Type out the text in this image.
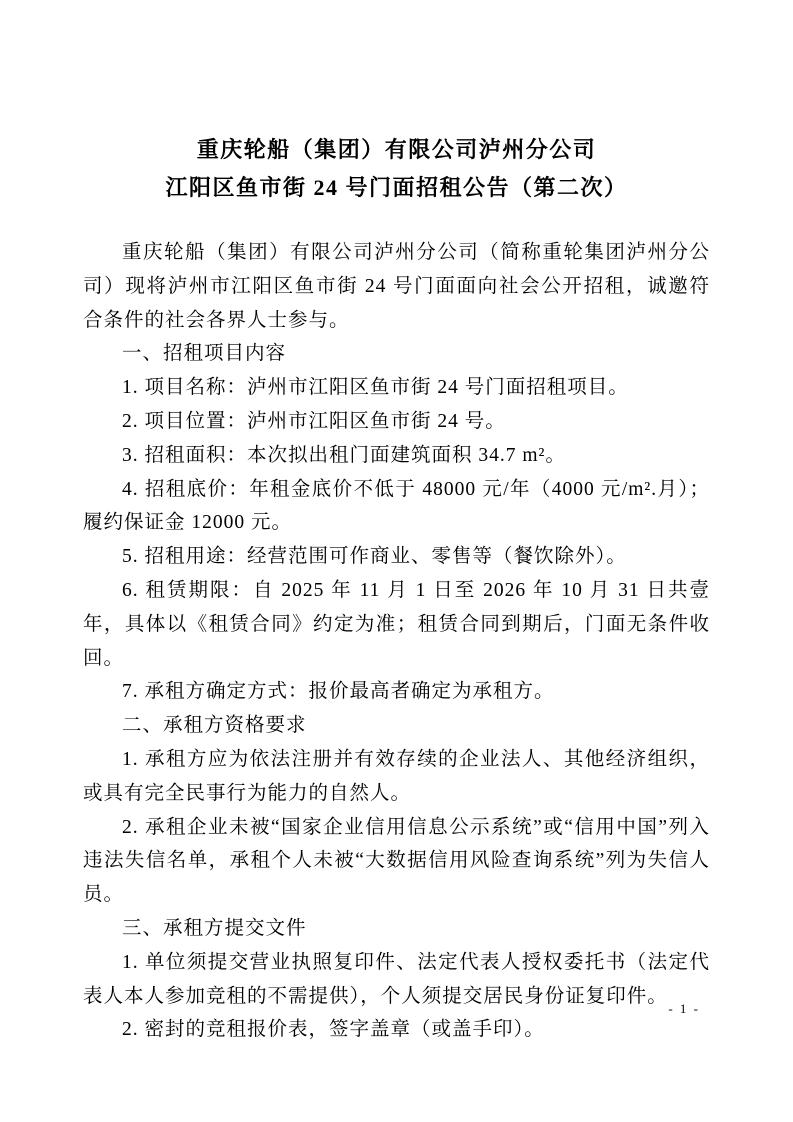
重庆轮船（集团）有限公司泸州分公司
江阳区鱼市街 24 号门面招租公告（第二次）
重庆轮船（集团）有限公司泸州分公司（简称重轮集团泸州分公司）现将泸州市江阳区鱼市街 24 号门面面向社会公开招租，诚邀符合条件的社会各界人士参与。
一、招租项目内容
1. 项目名称：泸州市江阳区鱼市街 24 号门面招租项目。
2. 项目位置：泸州市江阳区鱼市街 24 号。
3. 招租面积：本次拟出租门面建筑面积 34.7 m²。
4. 招租底价：年租金底价不低于 48000 元/年（4000 元/m².月）；履约保证金 12000 元。
5. 招租用途：经营范围可作商业、零售等（餐饮除外）。
6. 租赁期限：自 2025 年 11 月 1 日至 2026 年 10 月 31 日共壹年，具体以《租赁合同》约定为准；租赁合同到期后，门面无条件收回。
7. 承租方确定方式：报价最高者确定为承租方。
二、承租方资格要求
1. 承租方应为依法注册并有效存续的企业法人、其他经济组织，或具有完全民事行为能力的自然人。
2. 承租企业未被“国家企业信用信息公示系统”或“信用中国”列入违法失信名单，承租个人未被“大数据信用风险查询系统”列为失信人员。
三、承租方提交文件
1. 单位须提交营业执照复印件、法定代表人授权委托书（法定代表人本人参加竞租的不需提供），个人须提交居民身份证复印件。
2. 密封的竞租报价表，签字盖章（或盖手印）。
- 1 -
